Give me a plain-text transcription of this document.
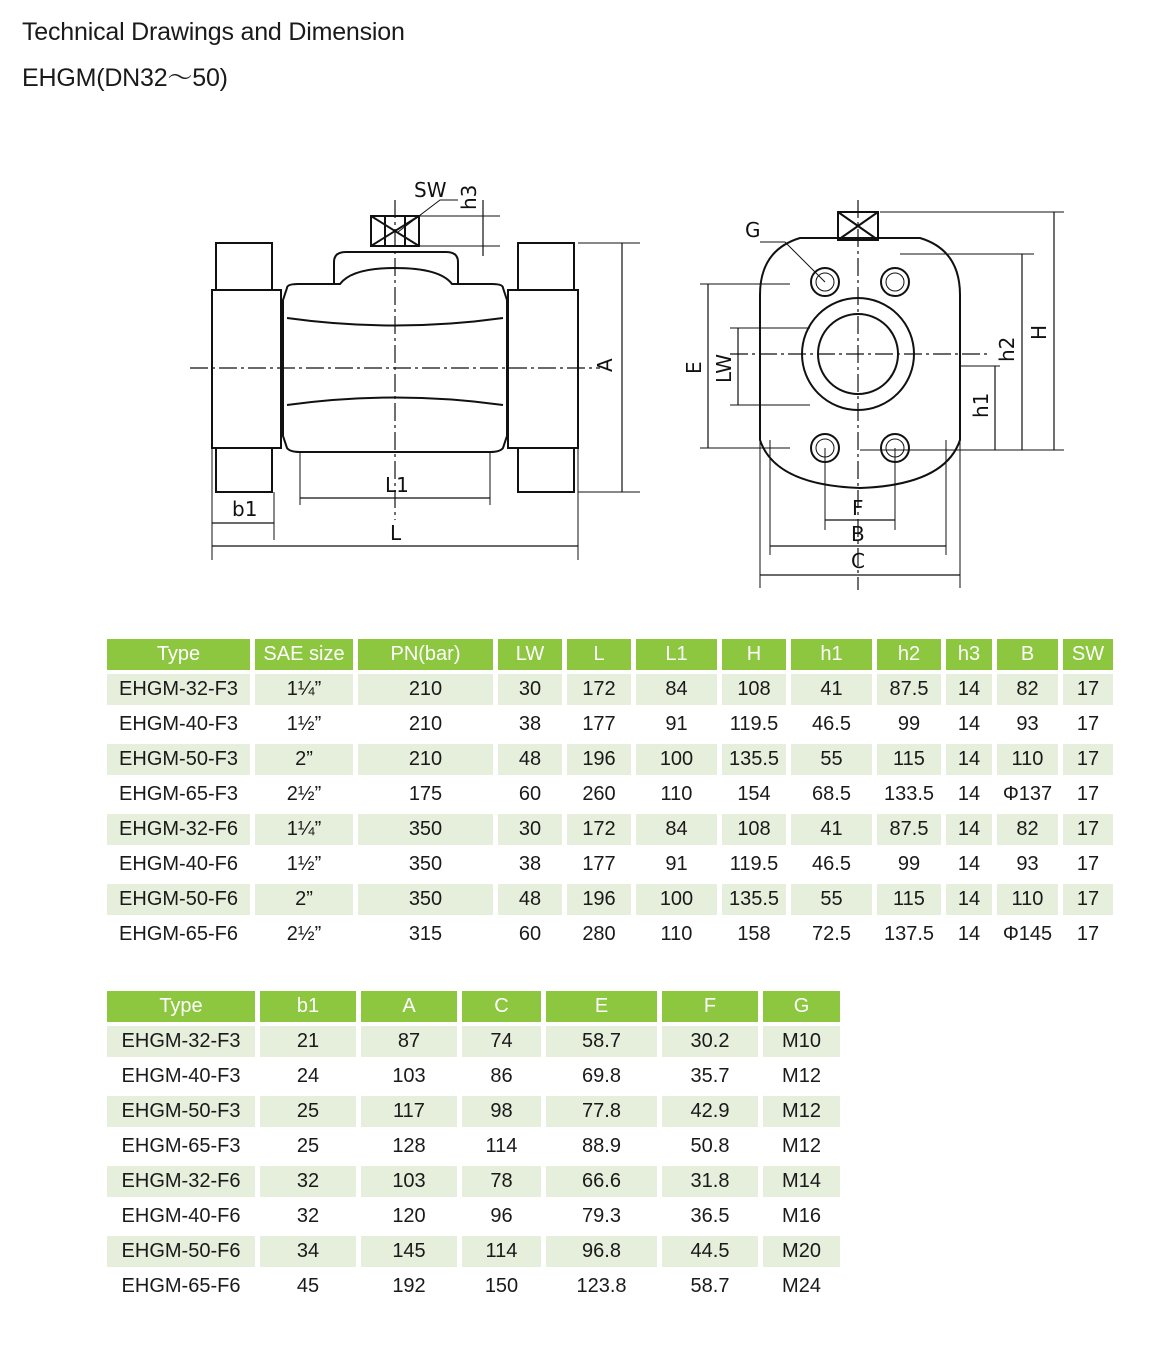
Technical Drawings and Dimension
EHGM(DN32～50)
SW h3
A
L1
b1
L
G
E LW
H
h2
h1
F
B
C
Type	SAE size	PN(bar)	LW	L	L1	H	h1	h2	h3	B	SW
EHGM-32-F3	1¼”	210	30	172	84	108	41	87.5	14	82	17
EHGM-40-F3	1½”	210	38	177	91	119.5	46.5	99	14	93	17
EHGM-50-F3	2”	210	48	196	100	135.5	55	115	14	110	17
EHGM-65-F3	2½”	175	60	260	110	154	68.5	133.5	14	Φ137	17
EHGM-32-F6	1¼”	350	30	172	84	108	41	87.5	14	82	17
EHGM-40-F6	1½”	350	38	177	91	119.5	46.5	99	14	93	17
EHGM-50-F6	2”	350	48	196	100	135.5	55	115	14	110	17
EHGM-65-F6	2½”	315	60	280	110	158	72.5	137.5	14	Φ145	17
Type	b1	A	C	E	F	G
EHGM-32-F3	21	87	74	58.7	30.2	M10
EHGM-40-F3	24	103	86	69.8	35.7	M12
EHGM-50-F3	25	117	98	77.8	42.9	M12
EHGM-65-F3	25	128	114	88.9	50.8	M12
EHGM-32-F6	32	103	78	66.6	31.8	M14
EHGM-40-F6	32	120	96	79.3	36.5	M16
EHGM-50-F6	34	145	114	96.8	44.5	M20
EHGM-65-F6	45	192	150	123.8	58.7	M24
